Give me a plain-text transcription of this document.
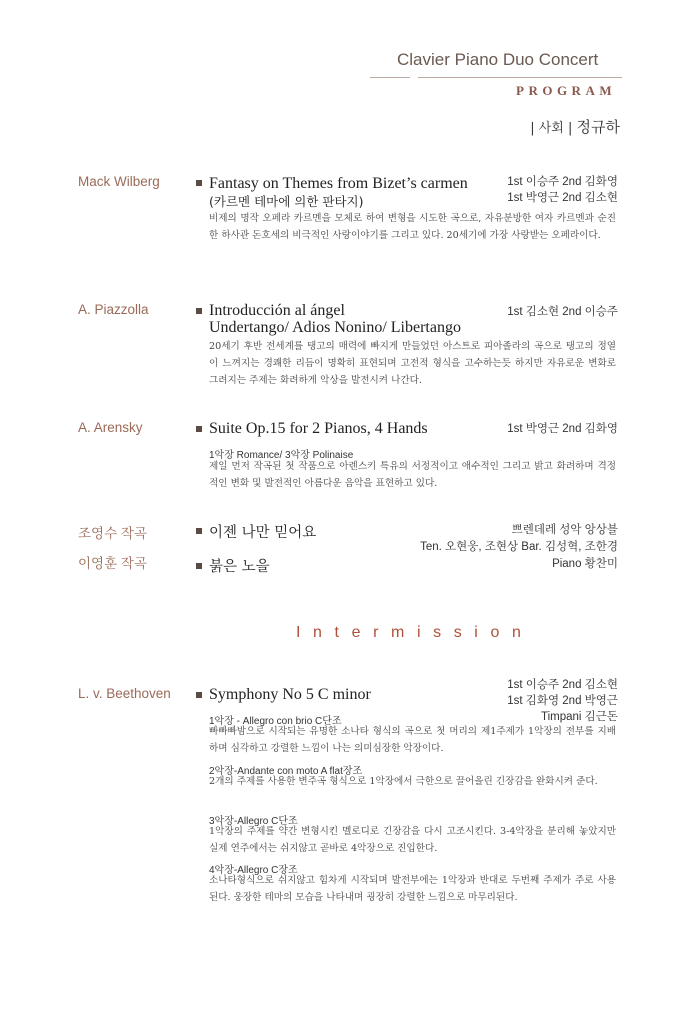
Clavier Piano Duo Concert
PROGRAM
| 사회 | 정규하
Mack Wilberg	Fantasy on Themes from Bizet’s carmen
(카르멘 테마에 의한 판타지)
1st 이승주 2nd 김화영
1st 박영근 2nd 김소현
비제의 명작 오페라 카르멘을 모체로 하여 변형을 시도한 곡으로, 자유분방한 여자 카르멘과 순진한 하사관 돈호세의 비극적인 사랑이야기를 그리고 있다. 20세기에 가장 사랑받는 오페라이다.
A. Piazzolla	Introducción al ángel
Undertango/ Adios Nonino/ Libertango
1st 김소현 2nd 이승주
20세기 후반 전세계를 탱고의 매력에 빠지게 만들었던 아스트로 피아졸라의 곡으로 탱고의 정열이 느껴지는 경쾌한 리듬이 명확히 표현되며 고전적 형식을 고수하는듯 하지만 자유로운 변화로 그려지는 주제는 화려하게 악상을 발전시켜 나간다.
A. Arensky	Suite Op.15 for 2 Pianos, 4 Hands	1st 박영근 2nd 김화영
1악장 Romance/ 3악장 Polinaise
제일 먼저 작곡된 첫 작품으로 아렌스키 특유의 서정적이고 애수적인 그리고 밝고 화려하며 격정적인 변화 및 발전적인 아름다운 음악을 표현하고 있다.
조영수 작곡	이젠 나만 믿어요
이영훈 작곡	붉은 노을
쁘렌데레 성악 앙상블
Ten. 오현웅, 조현상 Bar. 김성혁, 조한경
Piano 황찬미
Intermission
L. v. Beethoven Symphony No 5 C minor
1st 이승주 2nd 김소현
1st 김화영 2nd 박영근
Timpani 김근돈
1악장 - Allegro con brio C단조
빠빠빠밤으로 시작되는 유명한 소나타 형식의 곡으로 첫 머리의 제1주제가 1악장의 전부를 지배하며 심각하고 강렬한 느낌이 나는 의미심장한 악장이다.
2악장-Andante con moto A flat장조
2개의 주제를 사용한 변주곡 형식으로 1악장에서 극한으로 끌어올린 긴장감을 완화시켜 준다.
3악장-Allegro C단조
1악장의 주제를 약간 변형시킨 멜로디로 긴장감을 다시 고조시킨다. 3-4악장을 분리해 놓았지만 실제 연주에서는 쉬지않고 곧바로 4악장으로 진입한다.
4악장-Allegro C장조
소나타형식으로 쉬지않고 힘차게 시작되며 발전부에는 1악장과 반대로 두번째 주제가 주로 사용된다. 웅장한 테마의 모습을 나타내며 굉장히 강렬한 느낌으로 마무리된다.
